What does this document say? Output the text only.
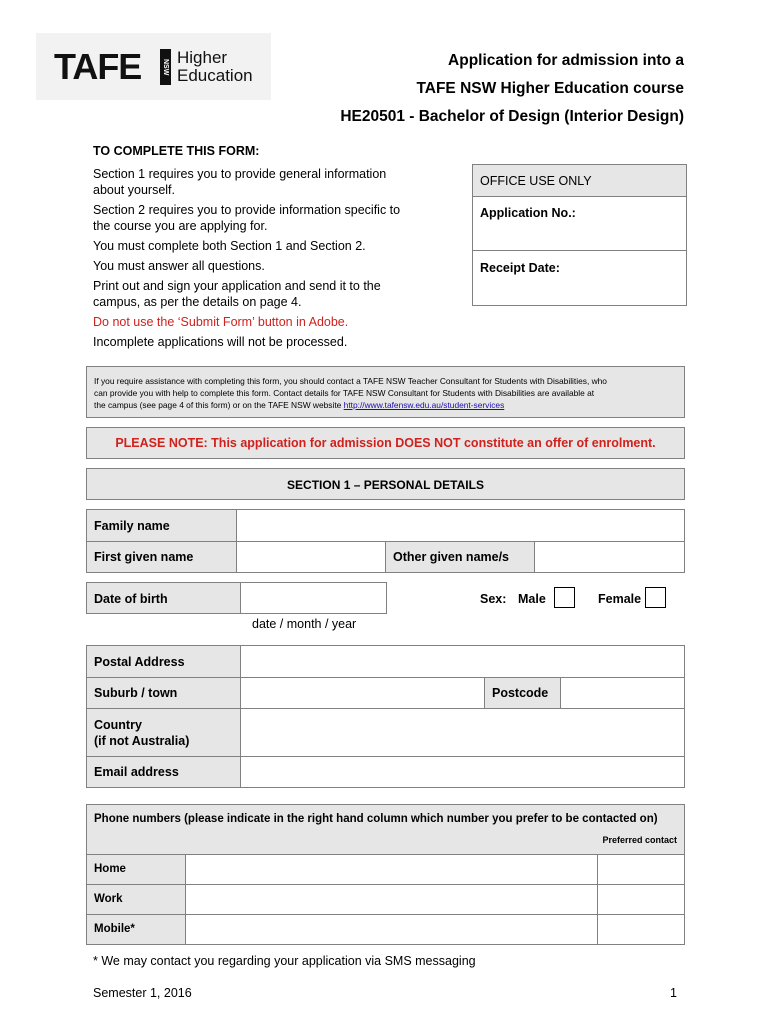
TAFE	NSW Higher
Education
Application for admission into a
TAFE NSW Higher Education course
HE20501 - Bachelor of Design (Interior Design)
TO COMPLETE THIS FORM:
Section 1 requires you to provide general information
about yourself.
Section 2 requires you to provide information specific to
the course you are applying for.
You must complete both Section 1 and Section 2.
You must answer all questions.
Print out and sign your application and send it to the
campus, as per the details on page 4.
Do not use the ‘Submit Form’ button in Adobe.
Incomplete applications will not be processed.
OFFICE USE ONLY
Application No.:
Receipt Date:
If you require assistance with completing this form, you should contact a TAFE NSW Teacher Consultant for Students with Disabilities, who
can provide you with help to complete this form. Contact details for TAFE NSW Consultant for Students with Disabilities are available at
the campus (see page 4 of this form) or on the TAFE NSW website http://www.tafensw.edu.au/student-services
PLEASE NOTE: This application for admission DOES NOT constitute an offer of enrolment.
SECTION 1 – PERSONAL DETAILS
Family name
First given name	Other given name/s
Date of birth
date / month / year
Sex: Male	Female
Postal Address
Suburb / town	Postcode
Country
(if not Australia)
Email address
Phone numbers (please indicate in the right hand column which number you prefer to be contacted on)
Preferred contact
Home
Work
Mobile*
* We may contact you regarding your application via SMS messaging
Semester 1, 2016	1
